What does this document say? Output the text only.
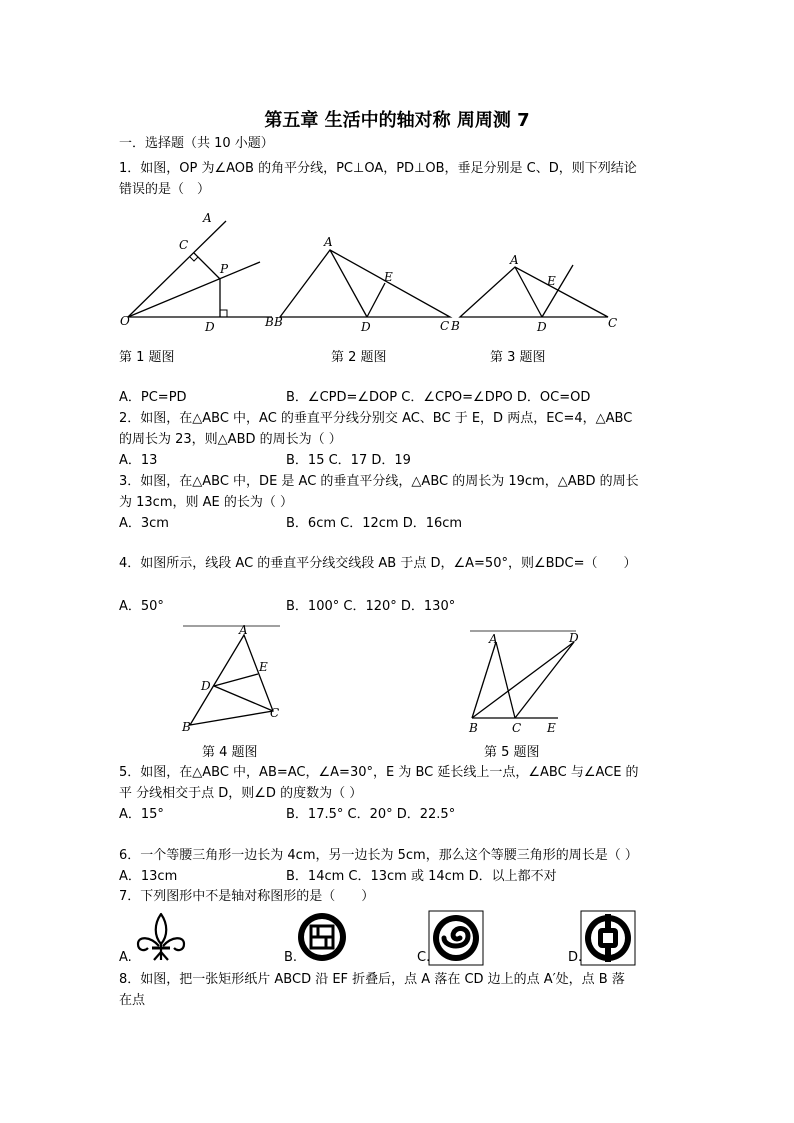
第五章 生活中的轴对称 周周测 7
一．选择题（共 10 小题）
1．如图，OP 为∠AOB 的角平分线，PC⊥OA，PD⊥OB，垂足分别是 C、D，则下列结论
错误的是（　）
A
C
P
O	D	B
A
E
B	D	C
A
E
B	D	C
第 1 题图	第 2 题图	第 3 题图
A．PC=PD	B．∠CPD=∠DOP C．∠CPO=∠DPO D．OC=OD
2．如图，在△ABC 中，AC 的垂直平分线分别交 AC、BC 于 E，D 两点，EC=4，△ABC
的周长为 23，则△ABD 的周长为（ ）
A．13	B．15 C．17 D．19
3．如图，在△ABC 中，DE 是 AC 的垂直平分线，△ABC 的周长为 19cm，△ABD 的周长
为 13cm，则 AE 的长为（ ）
A．3cm	B．6cm C．12cm D．16cm
4．如图所示，线段 AC 的垂直平分线交线段 AB 于点 D，∠A=50°，则∠BDC=（　　）
A．50°	B．100° C．120° D．130°
A
E
D
B
C
A	D
B	C E
第 4 题图	第 5 题图
5．如图，在△ABC 中，AB=AC，∠A=30°，E 为 BC 延长线上一点，∠ABC 与∠ACE 的
平 分线相交于点 D，则∠D 的度数为（ ）
A．15°	B．17.5° C．20° D．22.5°
6．一个等腰三角形一边长为 4cm，另一边长为 5cm，那么这个等腰三角形的周长是（ ）
A．13cm	B．14cm C．13cm 或 14cm D．以上都不对
7．下列图形中不是轴对称图形的是（　　）
A.	B.	C.	D.
8．如图，把一张矩形纸片 ABCD 沿 EF 折叠后，点 A 落在 CD 边上的点 A′处，点 B 落
在点
